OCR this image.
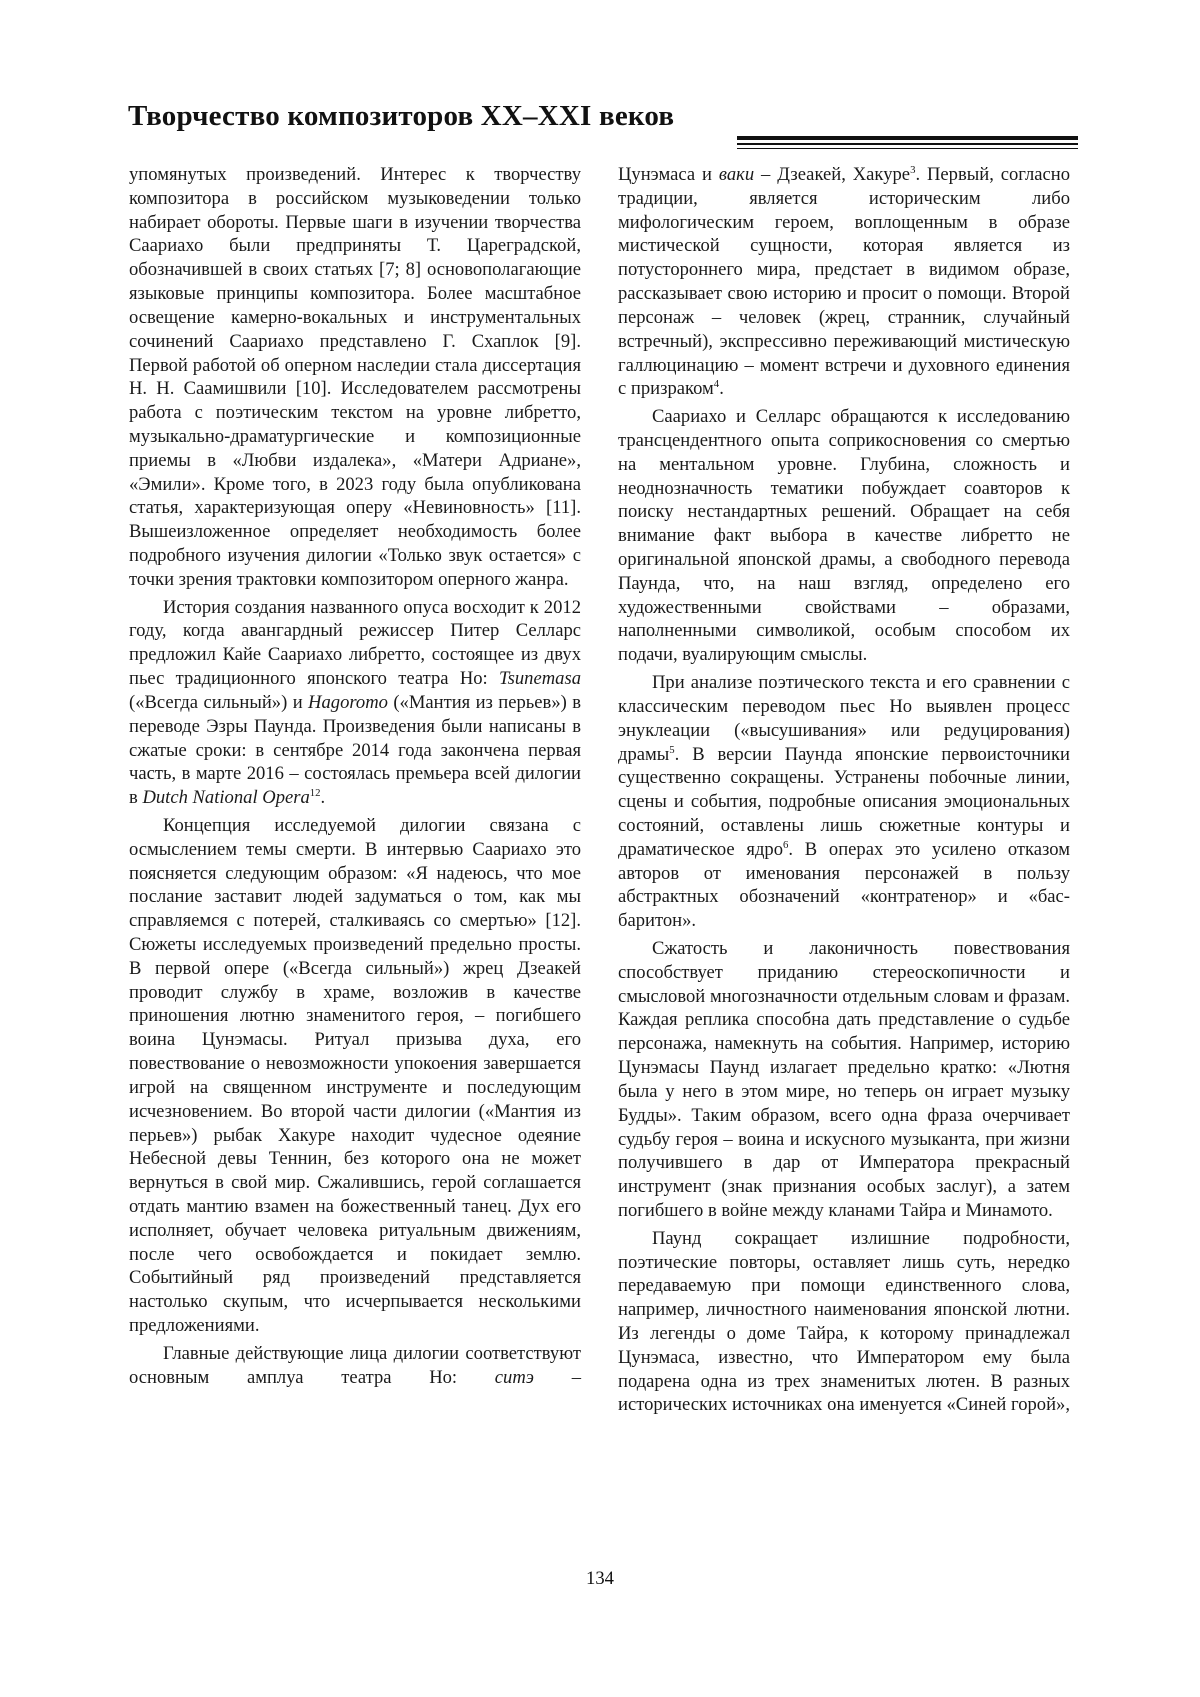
Творчество композиторов XX–XXI веков

упомянутых произведений. Интерес к творчеству композитора в российском музыковедении только набирает обороты. Первые шаги в изучении творчества Саариахо были предприняты Т. Цареградской, обозначившей в своих статьях [7; 8] основополагающие языковые принципы композитора. Более масштабное освещение камерно-вокальных и инструментальных сочинений Саариахо представлено Г. Схаплок [9]. Первой работой об оперном наследии стала диссертация Н. Н. Саамишвили [10]. Исследователем рассмотрены работа с поэтическим текстом на уровне либретто, музыкально-драматургические и композиционные приемы в «Любви издалека», «Матери Адриане», «Эмили». Кроме того, в 2023 году была опубликована статья, характеризующая оперу «Невиновность» [11]. Вышеизложенное определяет необходимость более подробного изучения дилогии «Только звук остается» с точки зрения трактовки композитором оперного жанра.

История создания названного опуса восходит к 2012 году, когда авангардный режиссер Питер Селларс предложил Кайе Саариахо либретто, состоящее из двух пьес традиционного японского театра Но: Tsunemasa («Всегда сильный») и Hagoromo («Мантия из перьев») в переводе Эзры Паунда. Произведения были написаны в сжатые сроки: в сентябре 2014 года закончена первая часть, в марте 2016 – состоялась премьера всей дилогии в Dutch National Opera$^{12}$.

Концепция исследуемой дилогии связана с осмыслением темы смерти. В интервью Саариахо это поясняется следующим образом: «Я надеюсь, что мое послание заставит людей задуматься о том, как мы справляемся с потерей, сталкиваясь со смертью» [12]. Сюжеты исследуемых произведений предельно просты. В первой опере («Всегда сильный») жрец Дзеакей проводит службу в храме, возложив в качестве приношения лютню знаменитого героя, – погибшего воина Цунэмасы. Ритуал призыва духа, его повествование о невозможности упокоения завершается игрой на священном инструменте и последующим исчезновением. Во второй части дилогии («Мантия из перьев») рыбак Хакуре находит чудесное одеяние Небесной девы Теннин, без которого она не может вернуться в свой мир. Сжалившись, герой соглашается отдать мантию взамен на божественный танец. Дух его исполняет, обучает человека ритуальным движениям, после чего освобождается и покидает землю. Событийный ряд произведений представляется настолько скупым, что исчерпывается несколькими предложениями.

Главные действующие лица дилогии соответствуют основным амплуа театра Но: ситэ –

Цунэмаса и ваки – Дзеакей, Хакуре$^3$. Первый, согласно традиции, является историческим либо мифологическим героем, воплощенным в образе мистической сущности, которая является из потустороннего мира, предстает в видимом образе, рассказывает свою историю и просит о помощи. Второй персонаж – человек (жрец, странник, случайный встречный), экспрессивно переживающий мистическую галлюцинацию – момент встречи и духовного единения с призраком$^4$.

Саариахо и Селларс обращаются к исследованию трансцендентного опыта соприкосновения со смертью на ментальном уровне. Глубина, сложность и неоднозначность тематики побуждает соавторов к поиску нестандартных решений. Обращает на себя внимание факт выбора в качестве либретто не оригинальной японской драмы, а свободного перевода Паунда, что, на наш взгляд, определено его художественными свойствами – образами, наполненными символикой, особым способом их подачи, вуалирующим смыслы.

При анализе поэтического текста и его сравнении с классическим переводом пьес Но выявлен процесс энуклеации («высушивания» или редуцирования) драмы$^5$. В версии Паунда японские первоисточники существенно сокращены. Устранены побочные линии, сцены и события, подробные описания эмоциональных состояний, оставлены лишь сюжетные контуры и драматическое ядро$^6$. В операх это усилено отказом авторов от именования персонажей в пользу абстрактных обозначений «контратенор» и «бас-баритон».

Сжатость и лаконичность повествования способствует приданию стереоскопичности и смысловой многозначности отдельным словам и фразам. Каждая реплика способна дать представление о судьбе персонажа, намекнуть на события. Например, историю Цунэмасы Паунд излагает предельно кратко: «Лютня была у него в этом мире, но теперь он играет музыку Будды». Таким образом, всего одна фраза очерчивает судьбу героя – воина и искусного музыканта, при жизни получившего в дар от Императора прекрасный инструмент (знак признания особых заслуг), а затем погибшего в войне между кланами Тайра и Минамото.

Паунд сокращает излишние подробности, поэтические повторы, оставляет лишь суть, нередко передаваемую при помощи единственного слова, например, личностного наименования японской лютни. Из легенды о доме Тайра, к которому принадлежал Цунэмаса, известно, что Императором ему была подарена одна из трех знаменитых лютен. В разных исторических источниках она именуется «Синей горой»,

134
